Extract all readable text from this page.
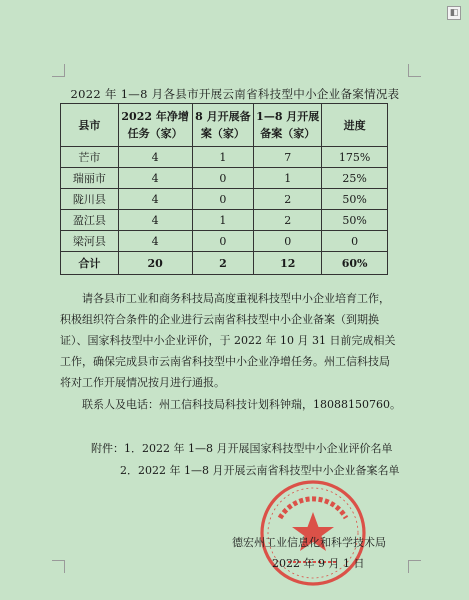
◧
2022 年 1—8 月各县市开展云南省科技型中小企业备案情况表
县市	2022 年净增任务（家）	8 月开展备案（家）	1—8 月开展备案（家）	进度
芒市	4	1	7	175%
瑞丽市	4	0	1	25%
陇川县	4	0	2	50%
盈江县	4	1	2	50%
梁河县	4	0	0	0
合计	20	2	12	60%
请各县市工业和商务科技局高度重视科技型中小企业培育工作，积极组织符合条件的企业进行云南省科技型中小企业备案（到期换证）、国家科技型中小企业评价，于 2022 年 10 月 31 日前完成相关工作，确保完成县市云南省科技型中小企业净增任务。州工信科技局将对工作开展情况按月进行通报。
联系人及电话：州工信科技局科技计划科钟瑞，18088150760。
附件：1．2022 年 1—8 月开展国家科技型中小企业评价名单
2．2022 年 1—8 月开展云南省科技型中小企业备案名单
德宏州工业信息化和科学技术局
2022 年 9 月 1 日
